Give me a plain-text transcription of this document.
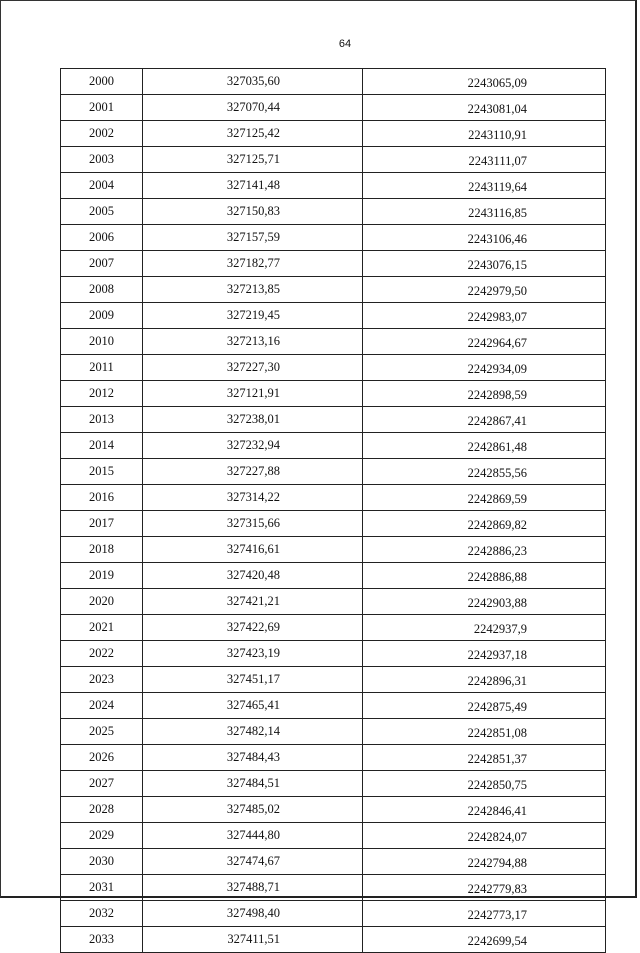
64
2000	327035,60	2243065,09
2001	327070,44	2243081,04
2002	327125,42	2243110,91
2003	327125,71	2243111,07
2004	327141,48	2243119,64
2005	327150,83	2243116,85
2006	327157,59	2243106,46
2007	327182,77	2243076,15
2008	327213,85	2242979,50
2009	327219,45	2242983,07
2010	327213,16	2242964,67
2011	327227,30	2242934,09
2012	327121,91	2242898,59
2013	327238,01	2242867,41
2014	327232,94	2242861,48
2015	327227,88	2242855,56
2016	327314,22	2242869,59
2017	327315,66	2242869,82
2018	327416,61	2242886,23
2019	327420,48	2242886,88
2020	327421,21	2242903,88
2021	327422,69	2242937,9
2022	327423,19	2242937,18
2023	327451,17	2242896,31
2024	327465,41	2242875,49
2025	327482,14	2242851,08
2026	327484,43	2242851,37
2027	327484,51	2242850,75
2028	327485,02	2242846,41
2029	327444,80	2242824,07
2030	327474,67	2242794,88
2031	327488,71	2242779,83
2032	327498,40	2242773,17
2033	327411,51	2242699,54
